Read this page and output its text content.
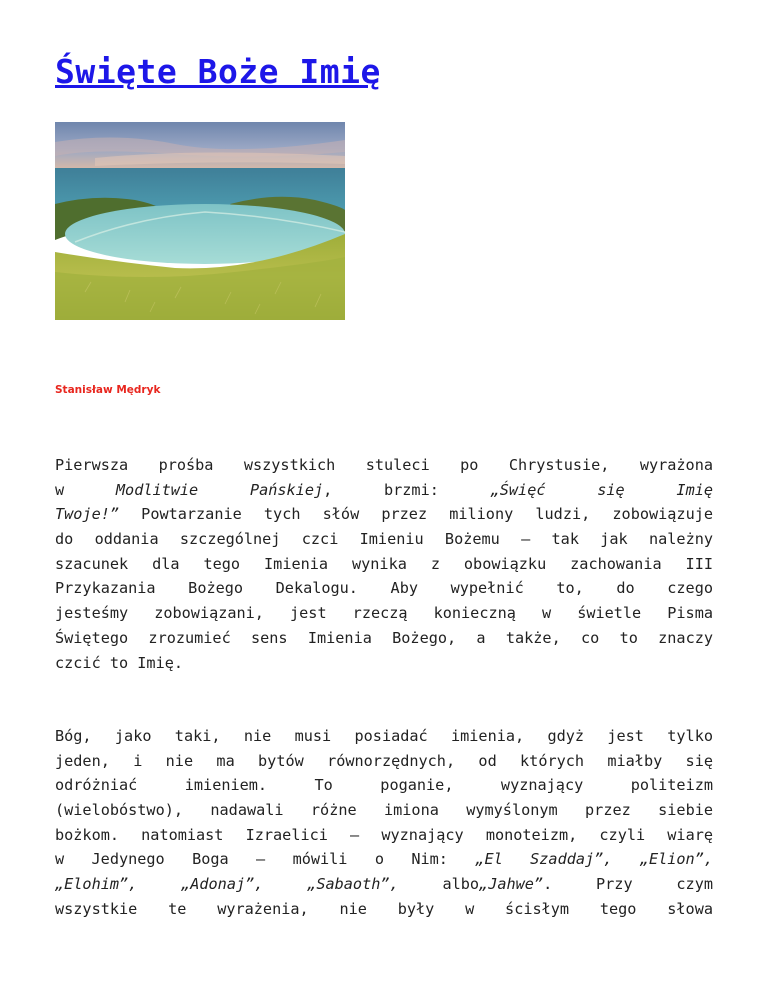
Święte Boże Imię
Stanisław Mędryk

Pierwsza prośba wszystkich stuleci po Chrystusie, wyrażona
w Modlitwie Pańskiej, brzmi: „Święć się Imię
Twoje!” Powtarzanie tych słów przez miliony ludzi, zobowiązuje
do oddania szczególnej czci Imieniu Bożemu – tak jak należny
szacunek dla tego Imienia wynika z obowiązku zachowania III
Przykazania Bożego Dekalogu. Aby wypełnić to, do czego
jesteśmy zobowiązani, jest rzeczą konieczną w świetle Pisma
Świętego zrozumieć sens Imienia Bożego, a także, co to znaczy
czcić to Imię.

Bóg, jako taki, nie musi posiadać imienia, gdyż jest tylko
jeden, i nie ma bytów równorzędnych, od których miałby się
odróżniać imieniem. To poganie, wyznający politeizm
(wielobóstwo), nadawali różne imiona wymyślonym przez siebie
bożkom. natomiast Izraelici – wyznający monoteizm, czyli wiarę
w Jedynego Boga – mówili o Nim: „El Szaddaj”, „Elion”,
„Elohim”, „Adonaj”, „Sabaoth”, albo„Jahwe”. Przy czym
wszystkie te wyrażenia, nie były w ścisłym tego słowa
